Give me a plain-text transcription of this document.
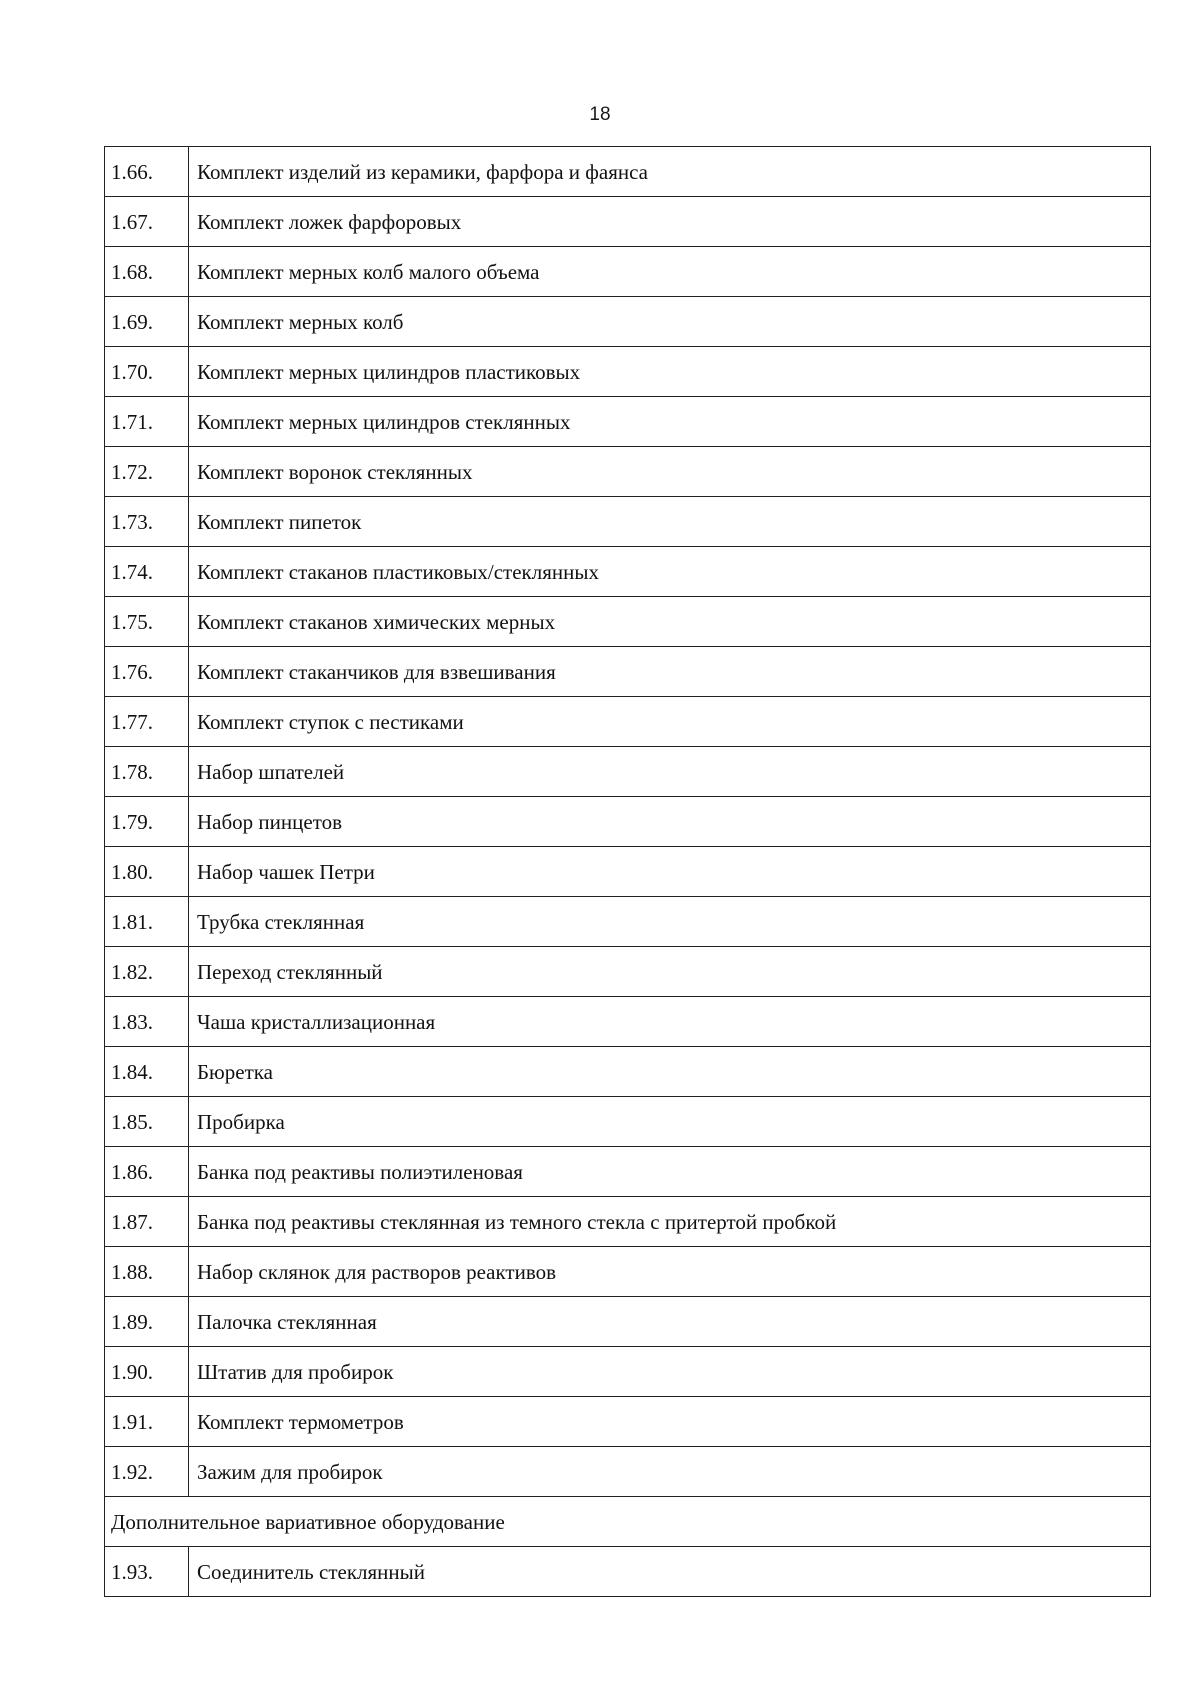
18
1.66.	Комплект изделий из керамики, фарфора и фаянса
1.67.	Комплект ложек фарфоровых
1.68.	Комплект мерных колб малого объема
1.69.	Комплект мерных колб
1.70.	Комплект мерных цилиндров пластиковых
1.71.	Комплект мерных цилиндров стеклянных
1.72.	Комплект воронок стеклянных
1.73.	Комплект пипеток
1.74.	Комплект стаканов пластиковых/стеклянных
1.75.	Комплект стаканов химических мерных
1.76.	Комплект стаканчиков для взвешивания
1.77.	Комплект ступок с пестиками
1.78.	Набор шпателей
1.79.	Набор пинцетов
1.80.	Набор чашек Петри
1.81.	Трубка стеклянная
1.82.	Переход стеклянный
1.83.	Чаша кристаллизационная
1.84.	Бюретка
1.85.	Пробирка
1.86.	Банка под реактивы полиэтиленовая
1.87.	Банка под реактивы стеклянная из темного стекла с притертой пробкой
1.88.	Набор склянок для растворов реактивов
1.89.	Палочка стеклянная
1.90.	Штатив для пробирок
1.91.	Комплект термометров
1.92.	Зажим для пробирок
Дополнительное вариативное оборудование	
1.93.	Соединитель стеклянный
